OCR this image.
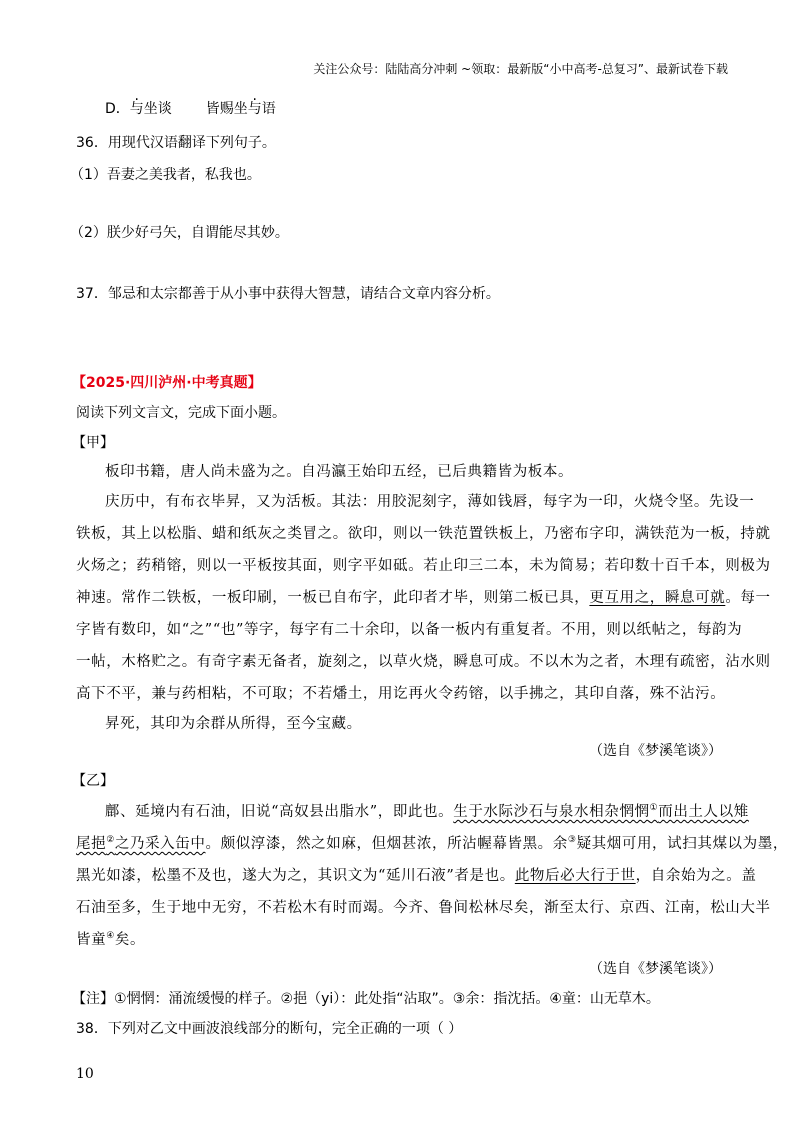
关注公众号：陆陆高分冲刺 ~领取：最新版“小中高考-总复习”、最新试卷下载
D．与坐谈 皆赐坐与语
36．用现代汉语翻译下列句子。
（1）吾妻之美我者，私我也。
（2）朕少好弓矢，自谓能尽其妙。
37．邹忌和太宗都善于从小事中获得大智慧，请结合文章内容分析。
【2025·四川泸州·中考真题】
阅读下列文言文，完成下面小题。
【甲】
板印书籍，唐人尚未盛为之。自冯瀛王始印五经，已后典籍皆为板本。
庆历中，有布衣毕昇，又为活板。其法：用胶泥刻字，薄如钱唇，每字为一印，火烧令坚。先设一
铁板，其上以松脂、蜡和纸灰之类冒之。欲印，则以一铁范置铁板上，乃密布字印，满铁范为一板，持就
火炀之；药稍镕，则以一平板按其面，则字平如砥。若止印三二本，未为简易；若印数十百千本，则极为
神速。常作二铁板，一板印刷，一板已自布字，此印者才毕，则第二板已具，更互用之，瞬息可就。每一
字皆有数印，如“之”“也”等字，每字有二十余印，以备一板内有重复者。不用，则以纸帖之，每韵为
一帖，木格贮之。有奇字素无备者，旋刻之，以草火烧，瞬息可成。不以木为之者，木理有疏密，沾水则
高下不平，兼与药相粘，不可取；不若燔土，用讫再火令药镕，以手拂之，其印自落，殊不沾污。
昇死，其印为余群从所得，至今宝藏。
（选自《梦溪笔谈》）
【乙】
鄜、延境内有石油，旧说“高奴县出脂水”，即此也。生于水际沙石与泉水相杂惘惘①而出土人以雉
尾挹②之乃采入缶中。颇似淳漆，然之如麻，但烟甚浓，所沾幄幕皆黑。余③疑其烟可用，试扫其煤以为墨，
黑光如漆，松墨不及也，遂大为之，其识文为“延川石液”者是也。此物后必大行于世，自余始为之。盖
石油至多，生于地中无穷，不若松木有时而竭。今齐、鲁间松林尽矣，渐至太行、京西、江南，松山大半
皆童④矣。
（选自《梦溪笔谈》）
【注】①惘惘：涌流缓慢的样子。②挹（yi）：此处指“沾取”。③余：指沈括。④童：山无草木。
38．下列对乙文中画波浪线部分的断句，完全正确的一项（ ）
10
